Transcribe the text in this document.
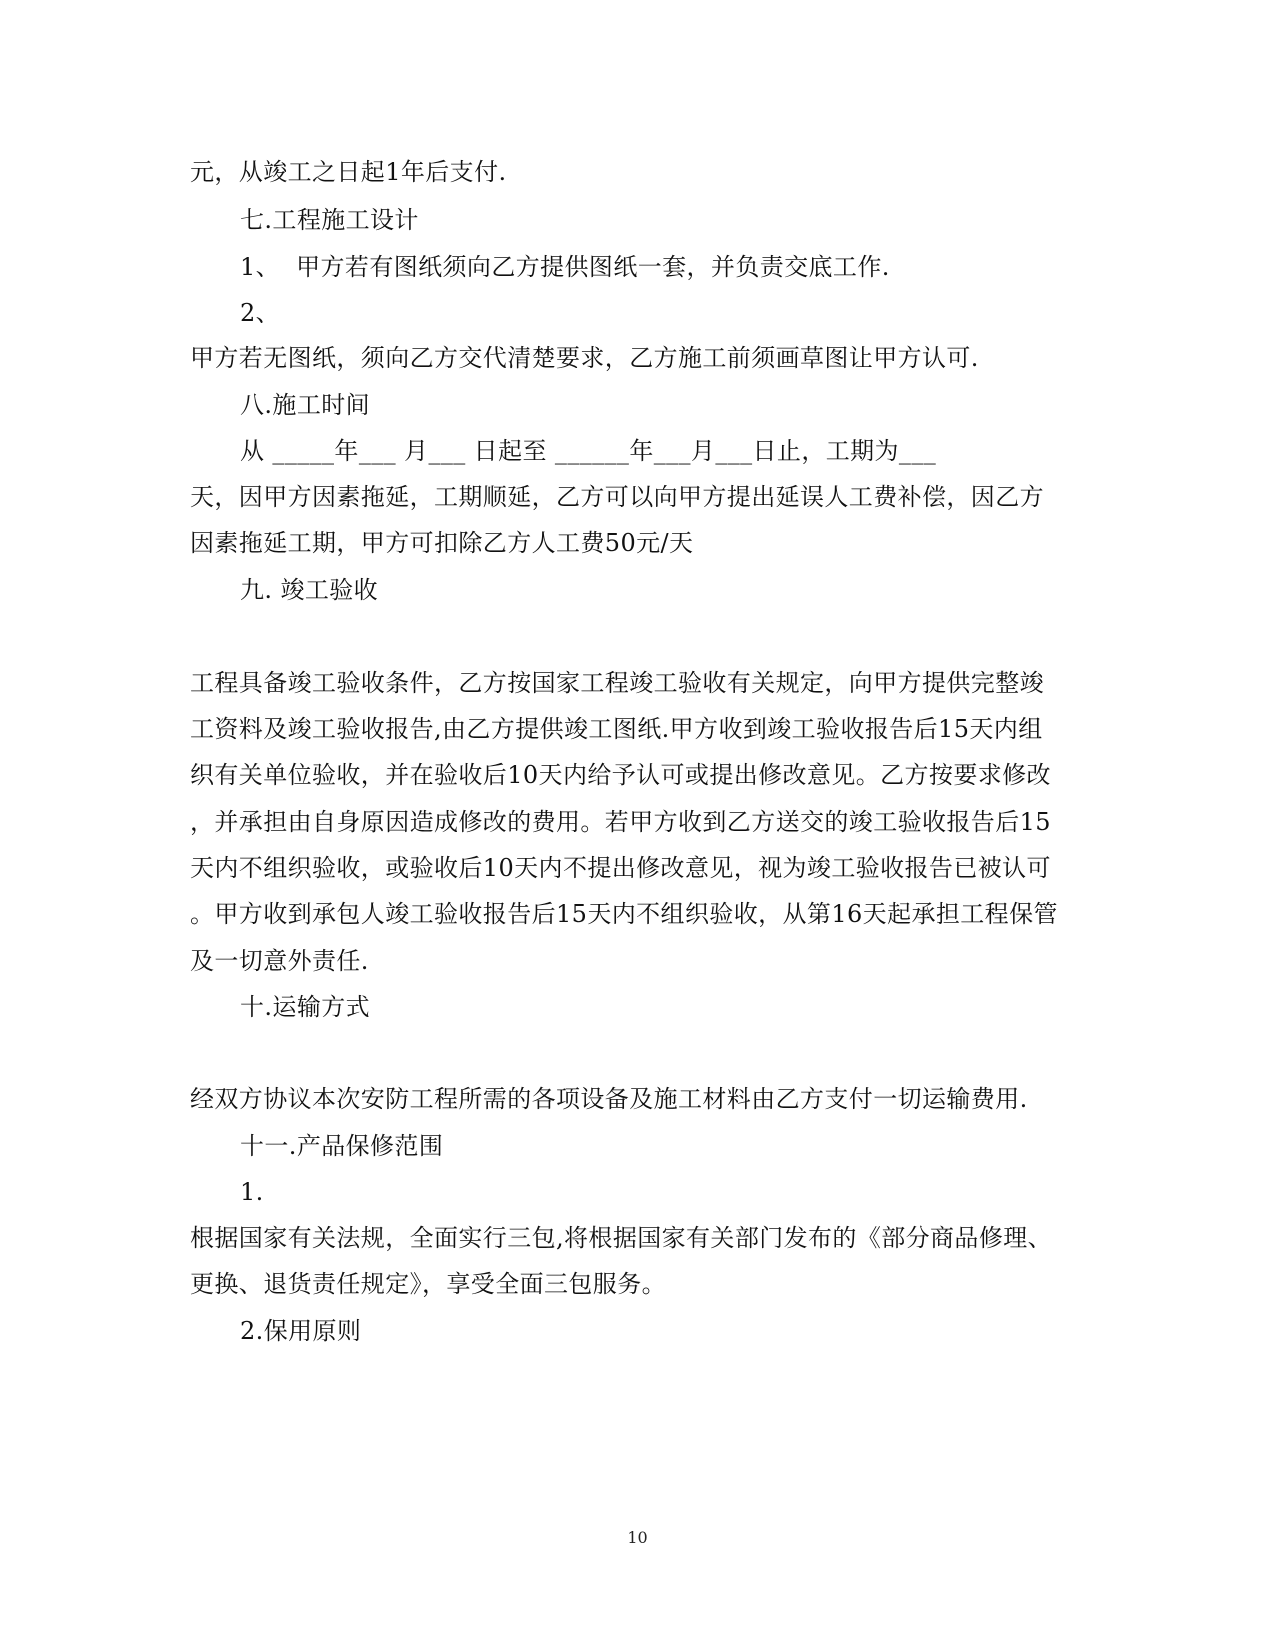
元，从竣工之日起1年后支付.
七.工程施工设计
1、  甲方若有图纸须向乙方提供图纸一套，并负责交底工作.
2、
甲方若无图纸，须向乙方交代清楚要求，乙方施工前须画草图让甲方认可.
八.施工时间
从 _____年___ 月___ 日起至 ______年___月___日止，工期为___
天，因甲方因素拖延，工期顺延，乙方可以向甲方提出延误人工费补偿，因乙方
因素拖延工期，甲方可扣除乙方人工费50元/天
九. 竣工验收
工程具备竣工验收条件，乙方按国家工程竣工验收有关规定，向甲方提供完整竣
工资料及竣工验收报告,由乙方提供竣工图纸.甲方收到竣工验收报告后15天内组
织有关单位验收，并在验收后10天内给予认可或提出修改意见。乙方按要求修改
，并承担由自身原因造成修改的费用。若甲方收到乙方送交的竣工验收报告后15
天内不组织验收，或验收后10天内不提出修改意见，视为竣工验收报告已被认可
。甲方收到承包人竣工验收报告后15天内不组织验收，从第16天起承担工程保管
及一切意外责任.
十.运输方式
经双方协议本次安防工程所需的各项设备及施工材料由乙方支付一切运输费用.
十一.产品保修范围
1.
根据国家有关法规，全面实行三包,将根据国家有关部门发布的《部分商品修理、
更换、退货责任规定》，享受全面三包服务。
2.保用原则
10
